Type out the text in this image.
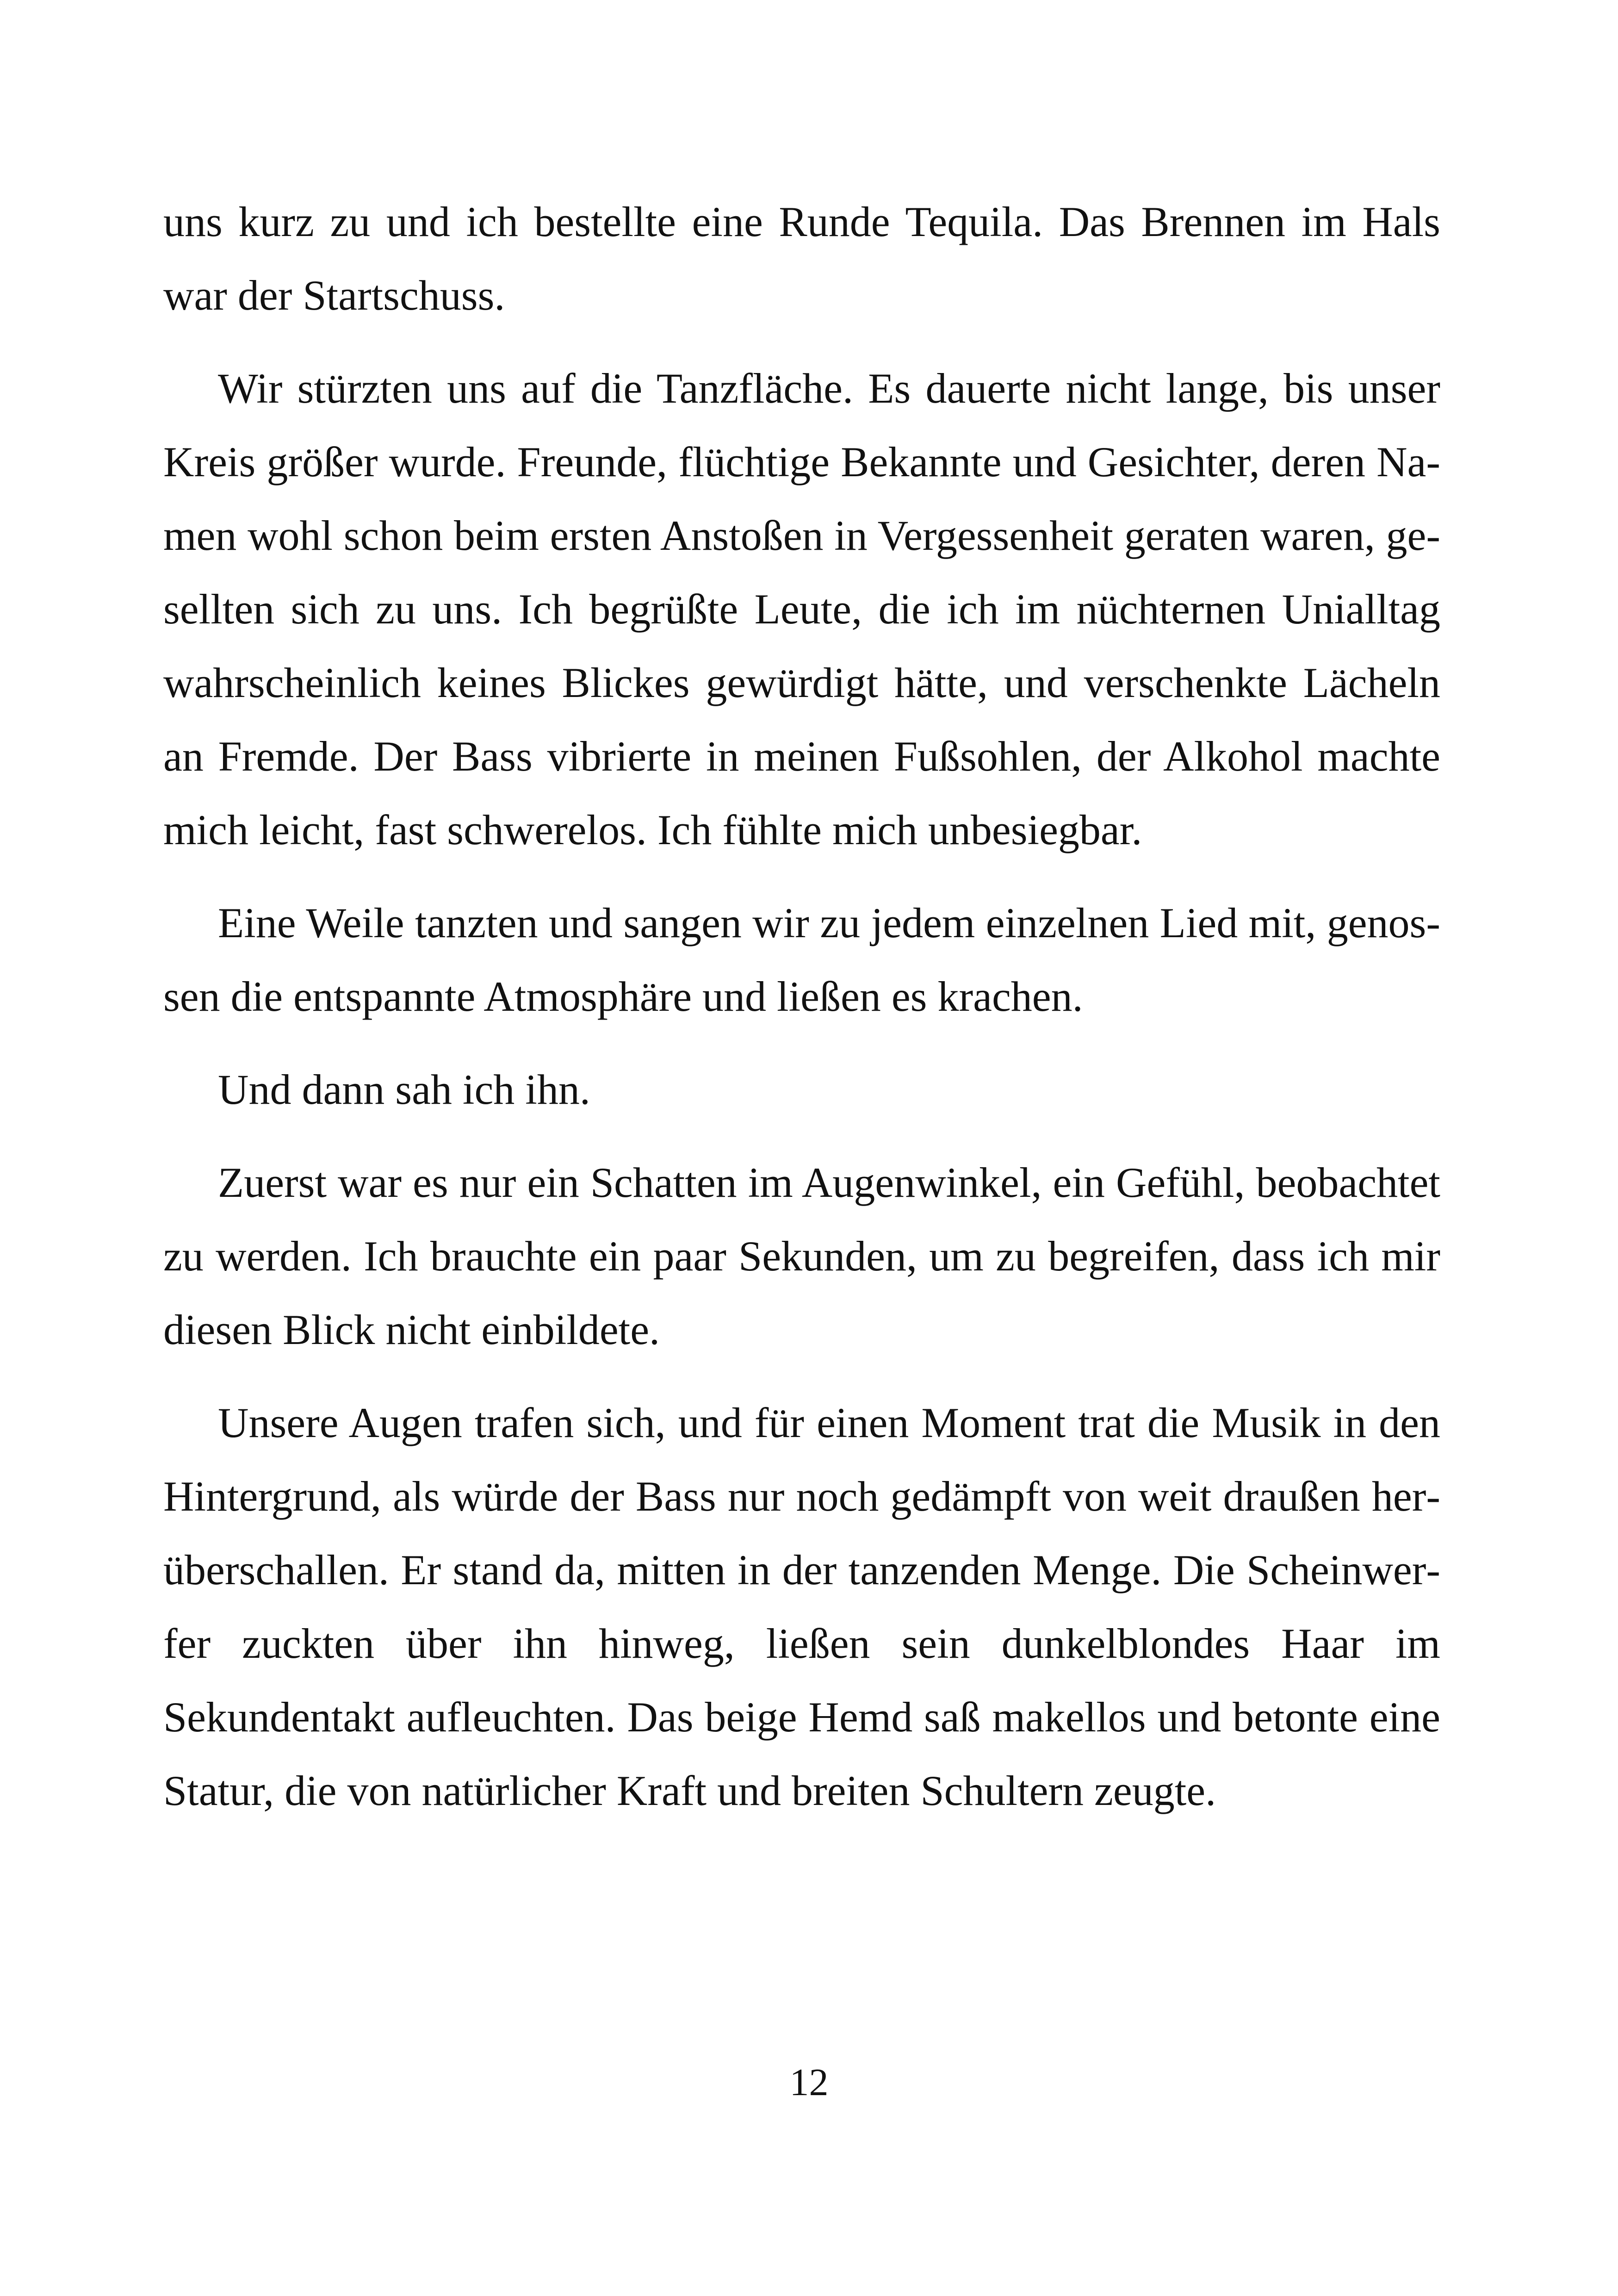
uns kurz zu und ich bestellte eine Runde Tequila. Das Brennen im Hals war der Startschuss.

Wir stürzten uns auf die Tanzfläche. Es dauerte nicht lange, bis unser Kreis größer wurde. Freunde, flüchtige Bekannte und Gesichter, deren Namen wohl schon beim ersten Anstoßen in Vergessenheit geraten waren, gesellten sich zu uns. Ich begrüßte Leute, die ich im nüchternen Unialltag wahrscheinlich keines Blickes gewürdigt hätte, und verschenkte Lächeln an Fremde. Der Bass vibrierte in meinen Fußsohlen, der Alkohol machte mich leicht, fast schwerelos. Ich fühlte mich unbesiegbar.

Eine Weile tanzten und sangen wir zu jedem einzelnen Lied mit, genossen die entspannte Atmosphäre und ließen es krachen.

Und dann sah ich ihn.

Zuerst war es nur ein Schatten im Augenwinkel, ein Gefühl, beobachtet zu werden. Ich brauchte ein paar Sekunden, um zu begreifen, dass ich mir diesen Blick nicht einbildete.

Unsere Augen trafen sich, und für einen Moment trat die Musik in den Hintergrund, als würde der Bass nur noch gedämpft von weit draußen herüberschallen. Er stand da, mitten in der tanzenden Menge. Die Scheinwerfer zuckten über ihn hinweg, ließen sein dunkelblondes Haar im Sekundentakt aufleuchten. Das beige Hemd saß makellos und betonte eine Statur, die von natürlicher Kraft und breiten Schultern zeugte.

12
